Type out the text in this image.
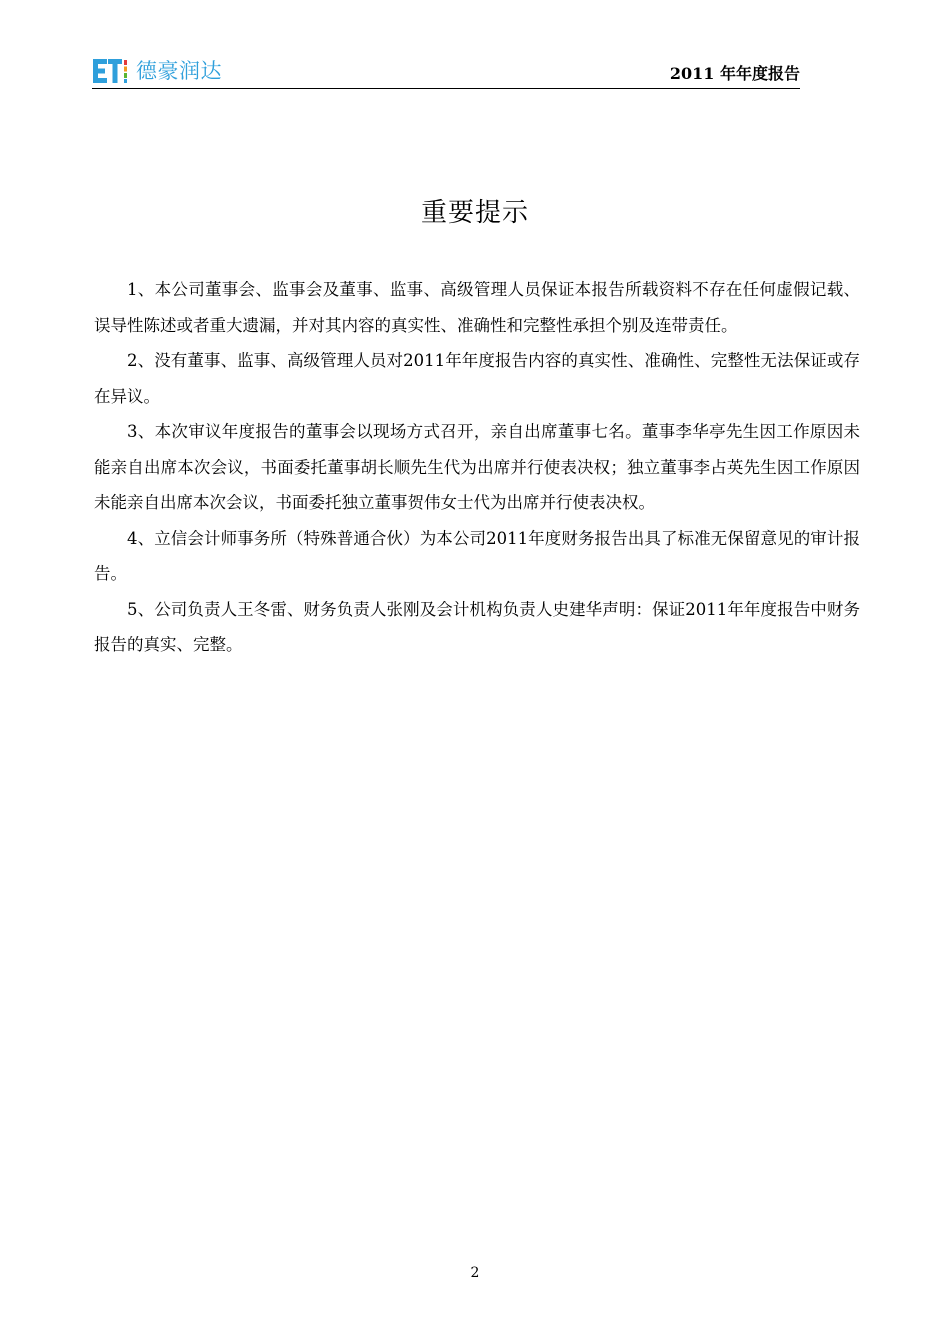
德豪润达	2011 年年度报告
重要提示

1、本公司董事会、监事会及董事、监事、高级管理人员保证本报告所载资料不存在任何虚假记载、误导性陈述或者重大遗漏，并对其内容的真实性、准确性和完整性承担个别及连带责任。

2、没有董事、监事、高级管理人员对2011年年度报告内容的真实性、准确性、完整性无法保证或存在异议。

3、本次审议年度报告的董事会以现场方式召开，亲自出席董事七名。董事李华亭先生因工作原因未能亲自出席本次会议，书面委托董事胡长顺先生代为出席并行使表决权；独立董事李占英先生因工作原因未能亲自出席本次会议，书面委托独立董事贺伟女士代为出席并行使表决权。

4、立信会计师事务所（特殊普通合伙）为本公司2011年度财务报告出具了标准无保留意见的审计报告。

5、公司负责人王冬雷、财务负责人张刚及会计机构负责人史建华声明：保证2011年年度报告中财务报告的真实、完整。

2
